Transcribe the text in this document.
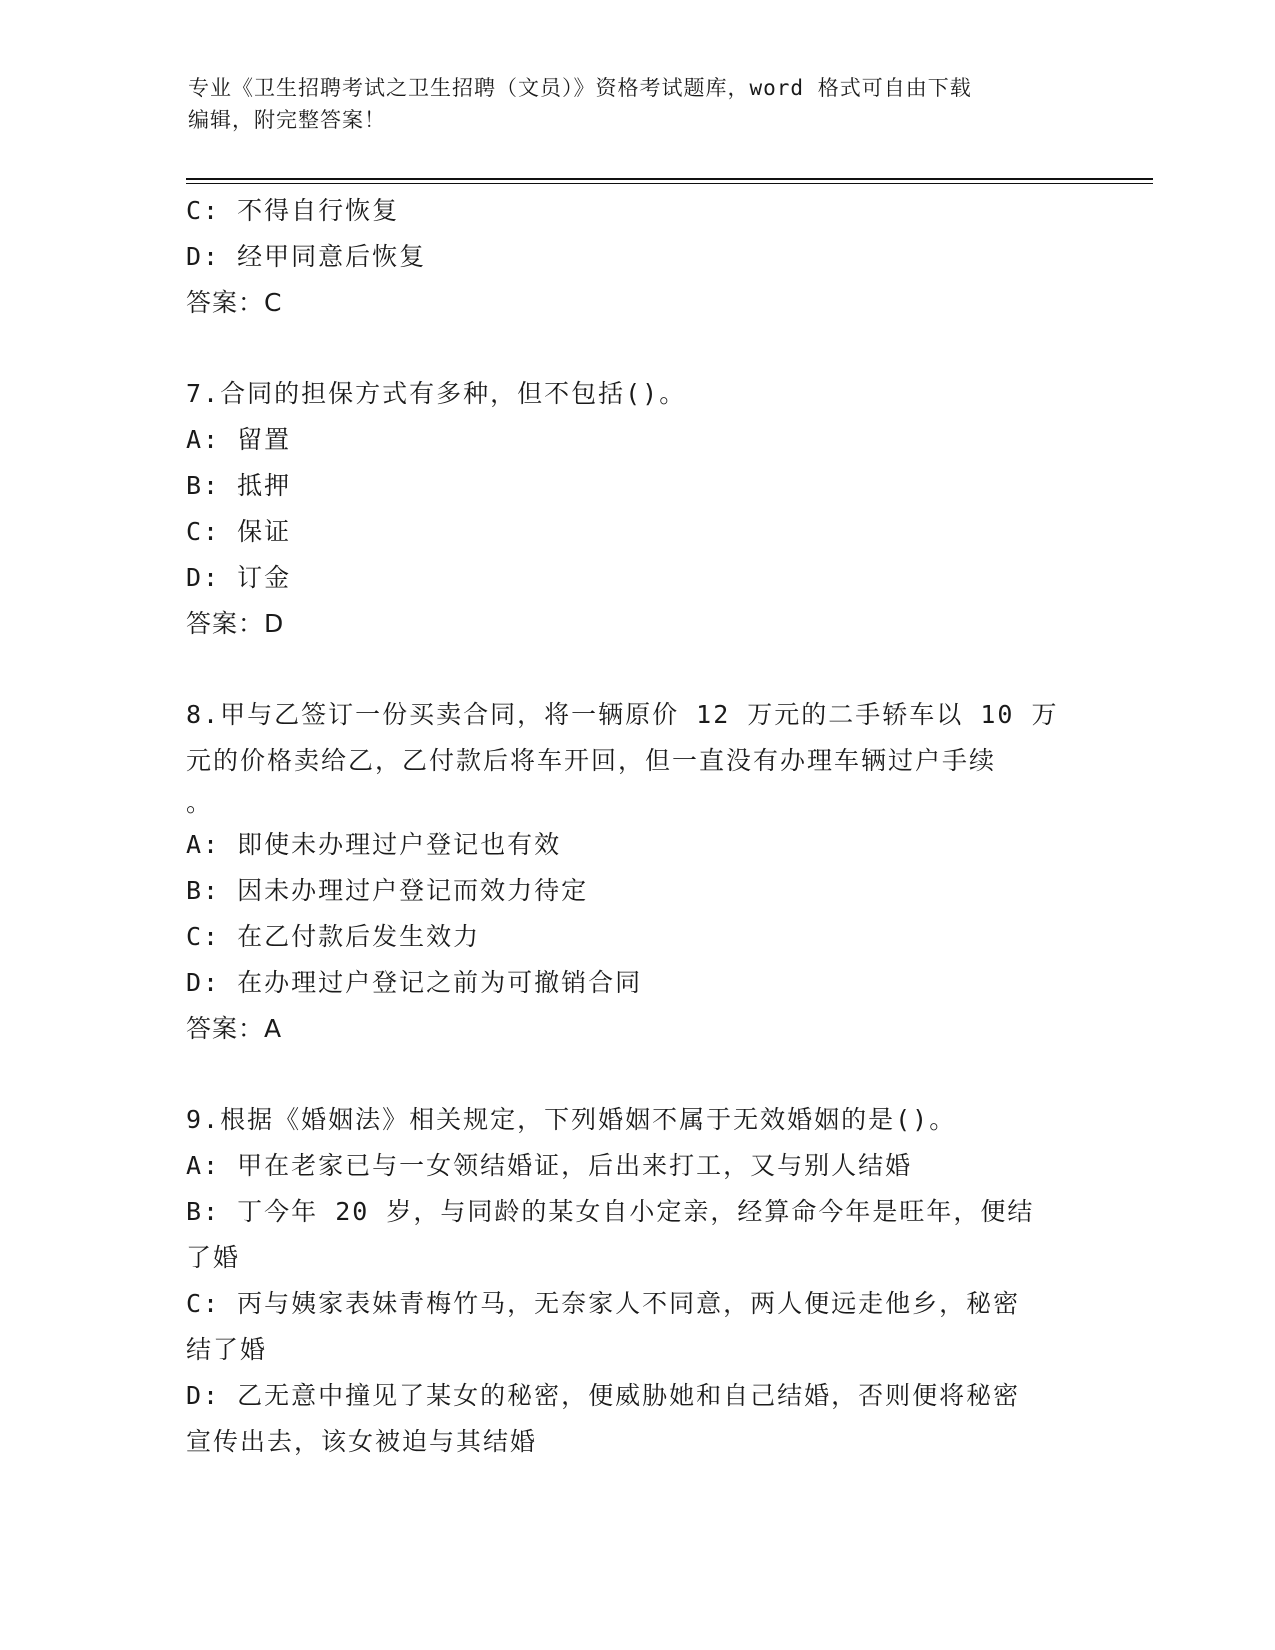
专业《卫生招聘考试之卫生招聘（文员）》资格考试题库，word 格式可自由下载
编辑，附完整答案！
C: 不得自行恢复
D: 经甲同意后恢复
答案：C
7.合同的担保方式有多种，但不包括()。
A: 留置
B: 抵押
C: 保证
D: 订金
答案：D
8.甲与乙签订一份买卖合同，将一辆原价 12 万元的二手轿车以 10 万
元的价格卖给乙，乙付款后将车开回，但一直没有办理车辆过户手续
。
A: 即使未办理过户登记也有效
B: 因未办理过户登记而效力待定
C: 在乙付款后发生效力
D: 在办理过户登记之前为可撤销合同
答案：A
9.根据《婚姻法》相关规定，下列婚姻不属于无效婚姻的是()。
A: 甲在老家已与一女领结婚证，后出来打工，又与别人结婚
B: 丁今年 20 岁，与同龄的某女自小定亲，经算命今年是旺年，便结
了婚
C: 丙与姨家表妹青梅竹马，无奈家人不同意，两人便远走他乡，秘密
结了婚
D: 乙无意中撞见了某女的秘密，便威胁她和自己结婚，否则便将秘密
宣传出去，该女被迫与其结婚
